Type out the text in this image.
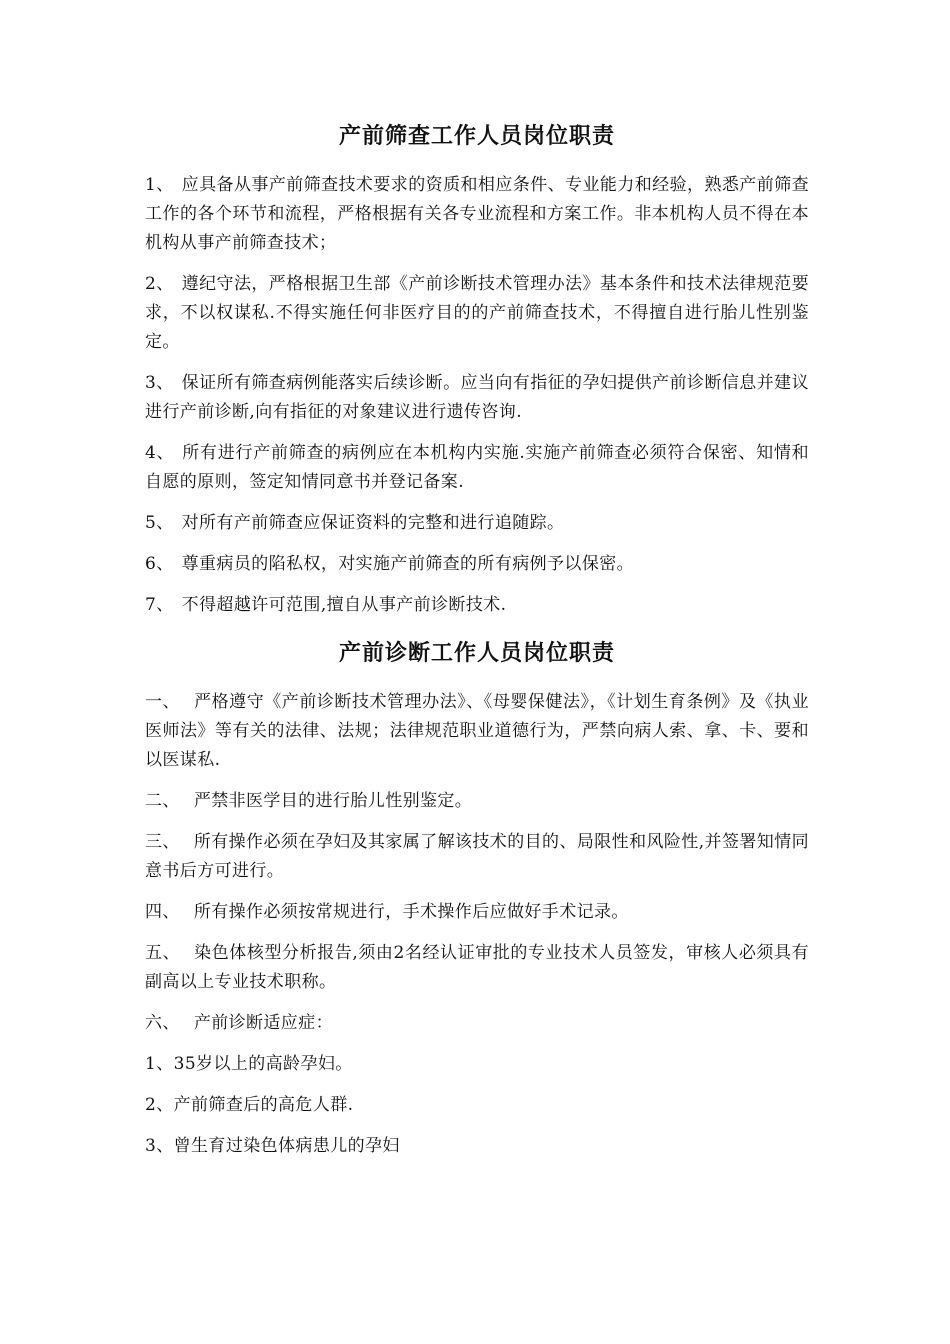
产前筛查工作人员岗位职责

1、 应具备从事产前筛查技术要求的资质和相应条件、专业能力和经验，熟悉产前筛查工作的各个环节和流程，严格根据有关各专业流程和方案工作。非本机构人员不得在本机构从事产前筛查技术；

2、 遵纪守法，严格根据卫生部《产前诊断技术管理办法》基本条件和技术法律规范要求，不以权谋私.不得实施任何非医疗目的的产前筛查技术，不得擅自进行胎儿性别鉴定。

3、 保证所有筛查病例能落实后续诊断。应当向有指征的孕妇提供产前诊断信息并建议进行产前诊断,向有指征的对象建议进行遗传咨询.

4、 所有进行产前筛查的病例应在本机构内实施.实施产前筛查必须符合保密、知情和自愿的原则，签定知情同意书并登记备案.

5、 对所有产前筛查应保证资料的完整和进行追随踪。

6、 尊重病员的陷私权，对实施产前筛查的所有病例予以保密。

7、 不得超越许可范围,擅自从事产前诊断技术.

产前诊断工作人员岗位职责

一、 严格遵守《产前诊断技术管理办法》、《母婴保健法》，《计划生育条例》及《执业医师法》等有关的法律、法规；法律规范职业道德行为，严禁向病人索、拿、卡、要和以医谋私.

二、 严禁非医学目的进行胎儿性别鉴定。

三、 所有操作必须在孕妇及其家属了解该技术的目的、局限性和风险性,并签署知情同意书后方可进行。

四、 所有操作必须按常规进行，手术操作后应做好手术记录。

五、 染色体核型分析报告,须由2名经认证审批的专业技术人员签发，审核人必须具有副高以上专业技术职称。

六、 产前诊断适应症：

1、35岁以上的高龄孕妇。

2、产前筛查后的高危人群.

3、曾生育过染色体病患儿的孕妇
